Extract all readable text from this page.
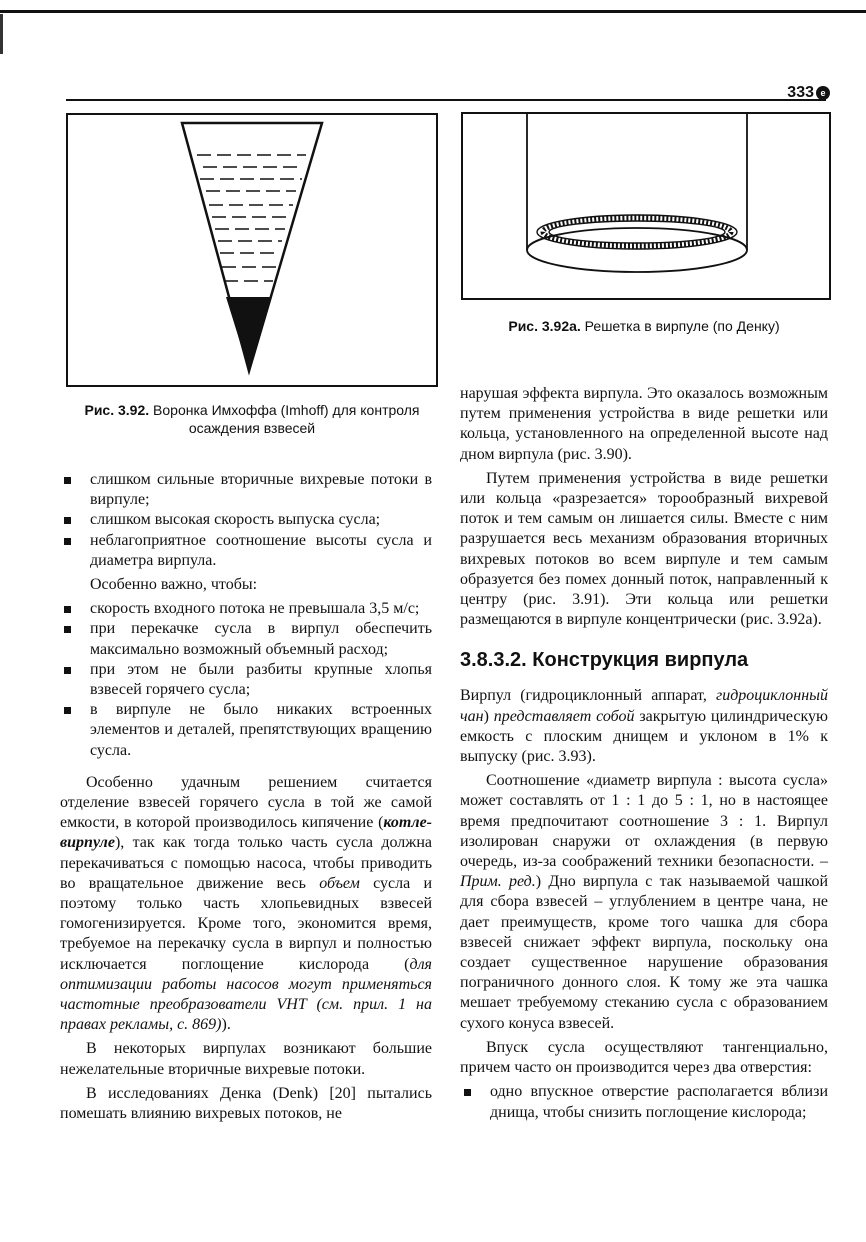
333 e
Рис. 3.92. Воронка Имхоффа (Imhoff) для контроля
осаждения взвесей
Рис. 3.92а. Решетка в вирпуле (по Денку)
слишком сильные вторичные вихревые потоки в вирпуле;
слишком высокая скорость выпуска сусла;
неблагоприятное соотношение высоты сусла и диаметра вирпула.

Особенно важно, чтобы:

скорость входного потока не превышала 3,5 м/с;
при перекачке сусла в вирпул обеспечить максимально возможный объемный расход;
при этом не были разбиты крупные хлопья взвесей горячего сусла;
в вирпуле не было никаких встроенных элементов и деталей, препятствующих вращению сусла.

Особенно удачным решением считается отделение взвесей горячего сусла в той же самой емкости, в которой производилось кипячение (котле-вирпуле), так как тогда только часть сусла должна перекачиваться с помощью насоса, чтобы приводить во вращательное движение весь объем сусла и поэтому только часть хлопьевидных взвесей гомогенизируется. Кроме того, экономится время, требуемое на перекачку сусла в вирпул и полностью исключается поглощение кислорода (для оптимизации работы насосов могут применяться частотные преобразователи VHT (см. прил. 1 на правах рекламы, с. 869)).

В некоторых вирпулах возникают большие нежелательные вторичные вихревые потоки.

В исследованиях Денка (Denk) [20] пытались помешать влиянию вихревых потоков, не

нарушая эффекта вирпула. Это оказалось возможным путем применения устройства в виде решетки или кольца, установленного на определенной высоте над дном вирпула (рис. 3.90).

Путем применения устройства в виде решетки или кольца «разрезается» торообразный вихревой поток и тем самым он лишается силы. Вместе с ним разрушается весь механизм образования вторичных вихревых потоков во всем вирпуле и тем самым образуется без помех донный поток, направленный к центру (рис. 3.91). Эти кольца или решетки размещаются в вирпуле концентрически (рис. 3.92а).

3.8.3.2. Конструкция вирпула

Вирпул (гидроциклонный аппарат, гидроциклонный чан) представляет собой закрытую цилиндрическую емкость с плоским днищем и уклоном в 1% к выпуску (рис. 3.93).

Соотношение «диаметр вирпула : высота сусла» может составлять от 1 : 1 до 5 : 1, но в настоящее время предпочитают соотношение 3 : 1. Вирпул изолирован снаружи от охлаждения (в первую очередь, из-за соображений техники безопасности. – Прим. ред.) Дно вирпула с так называемой чашкой для сбора взвесей – углублением в центре чана, не дает преимуществ, кроме того чашка для сбора взвесей снижает эффект вирпула, поскольку она создает существенное нарушение образования пограничного донного слоя. К тому же эта чашка мешает требуемому стеканию сусла с образованием сухого конуса взвесей.

Впуск сусла осуществляют тангенциально, причем часто он производится через два отверстия:

одно впускное отверстие располагается вблизи днища, чтобы снизить поглощение кислорода;
